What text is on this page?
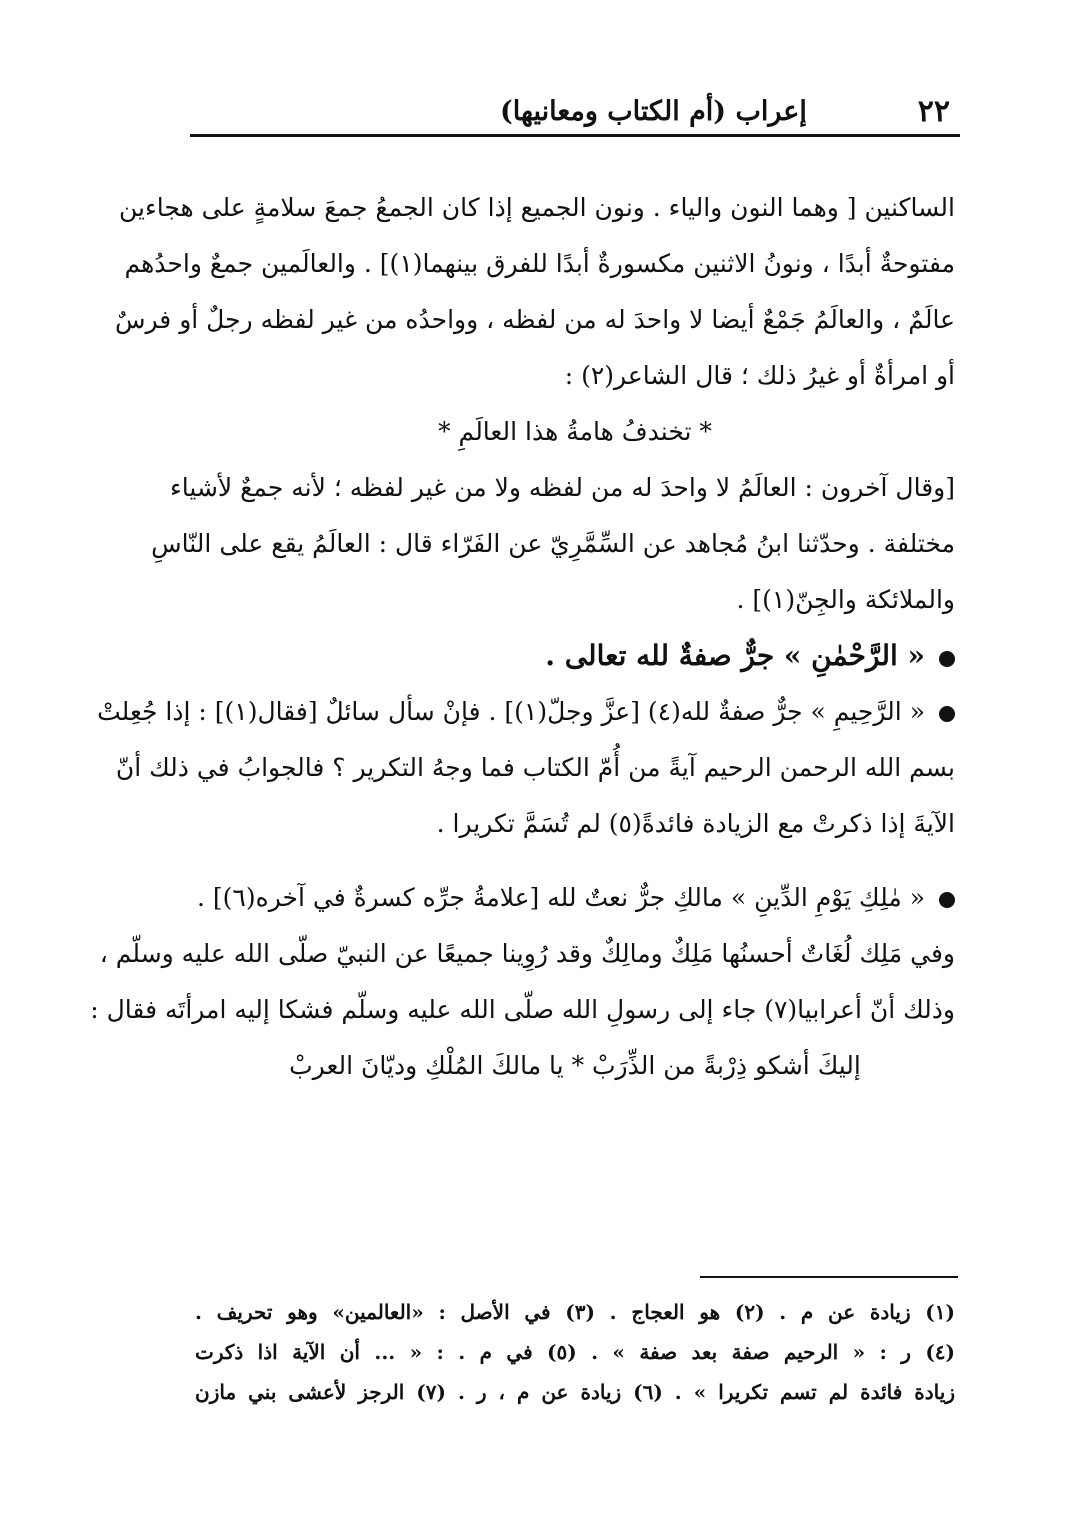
٢٢
إعراب (أم الكتاب ومعانيها)
الساكنين [ وهما النون والياء . ونون الجميع إذا كان الجمعُ جمعَ سلامةٍ على هجاءين
مفتوحةٌ أبدًا ، ونونُ الاثنين مكسورةٌ أبدًا للفرق بينهما(١)] . والعالَمين جمعٌ واحدُهم
عالَمٌ ، والعالَمُ جَمْعٌ أيضا لا واحدَ له من لفظه ، وواحدُه من غير لفظه رجلٌ أو فرسٌ
أو امرأةٌ أو غيرُ ذلك ؛ قال الشاعر(٢) :
* تخندفُ هامةُ هذا العالَمِ *
[وقال آخرون : العالَمُ لا واحدَ له من لفظه ولا من غير لفظه ؛ لأنه جمعٌ لأشياء
مختلفة . وحدّثنا ابنُ مُجاهد عن السِّمَّرِيّ عن الفَرّاء قال : العالَمُ يقع على النّاسِ
والملائكة والجِنّ(١)] .
« الرَّحْمٰنِ » جرٌّ صفةٌ لله تعالى .
« الرَّحِيمِ » جرٌّ صفةٌ لله(٤) [عزَّ وجلّ(١)] . فإنْ سأل سائلٌ [فقال(١)] : إذا جُعِلتْ
بسم الله الرحمن الرحيم آيةً من أُمّ الكتاب فما وجهُ التكرير ؟ فالجوابُ في ذلك أنّ
الآيةَ إذا ذكرتْ مع الزيادة فائدةً(٥) لم تُسَمَّ تكريرا .
« مٰلِكِ يَوْمِ الدِّينِ » مالكِ جرٌّ نعتٌ لله [علامةُ جرِّه كسرةٌ في آخره(٦)] .
وفي مَلِك لُغَاتٌ أحسنُها مَلِكٌ ومالِكٌ وقد رُوِينا جميعًا عن النبيّ صلّى الله عليه وسلّم ،
وذلك أنّ أعرابيا(٧) جاء إلى رسولِ الله صلّى الله عليه وسلّم فشكا إليه امرأتَه فقال :
إليكَ أشكو ذِرْبةً من الذِّرَبْ * يا مالكَ المُلْكِ وديّانَ العربْ
(١) زيادة عن م . (٢) هو العجاج . (٣) في الأصل : «العالمين» وهو تحريف .
(٤) ر : « الرحيم صفة بعد صفة » . (٥) في م . : « ... أن الآية اذا ذكرت
زيادة فائدة لم تسم تكريرا » . (٦) زيادة عن م ، ر . (٧) الرجز لأعشى بني مازن
